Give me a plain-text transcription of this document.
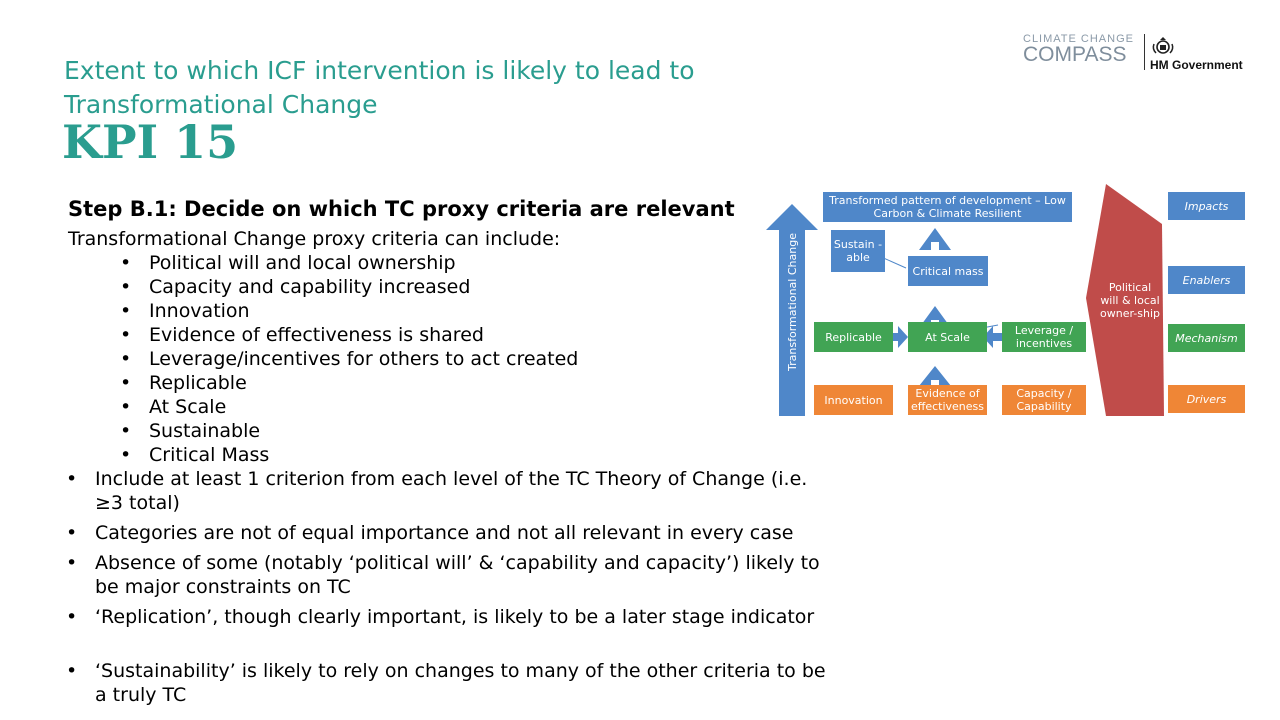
Extent to which ICF intervention is likely to lead to
Transformational Change
KPI 15
CLIMATE CHANGE
COMPASS	HM Government
Step B.1: Decide on which TC proxy criteria are relevant
Transformational Change proxy criteria can include:
• Political will and local ownership
• Capacity and capability increased
• Innovation
• Evidence of effectiveness is shared
• Leverage/incentives for others to act created
• Replicable
• At Scale
• Sustainable
• Critical Mass
• Include at least 1 criterion from each level of the TC Theory of Change (i.e. ≥3 total)
• Categories are not of equal importance and not all relevant in every case
• Absence of some (notably ‘political will’ & ‘capability and capacity’) likely to be major constraints on TC
• ‘Replication’, though clearly important, is likely to be a later stage indicator
• ‘Sustainability’ is likely to rely on changes to many of the other criteria to be a truly TC
Transformational Change
Transformed pattern of development – Low Carbon & Climate Resilient
Sustain -able
Critical mass
Replicable	At Scale	Leverage / incentives
Innovation	Evidence of effectiveness
Capacity / Capability
Political will & local owner-ship
Impacts
Enablers
Mechanism
Drivers
